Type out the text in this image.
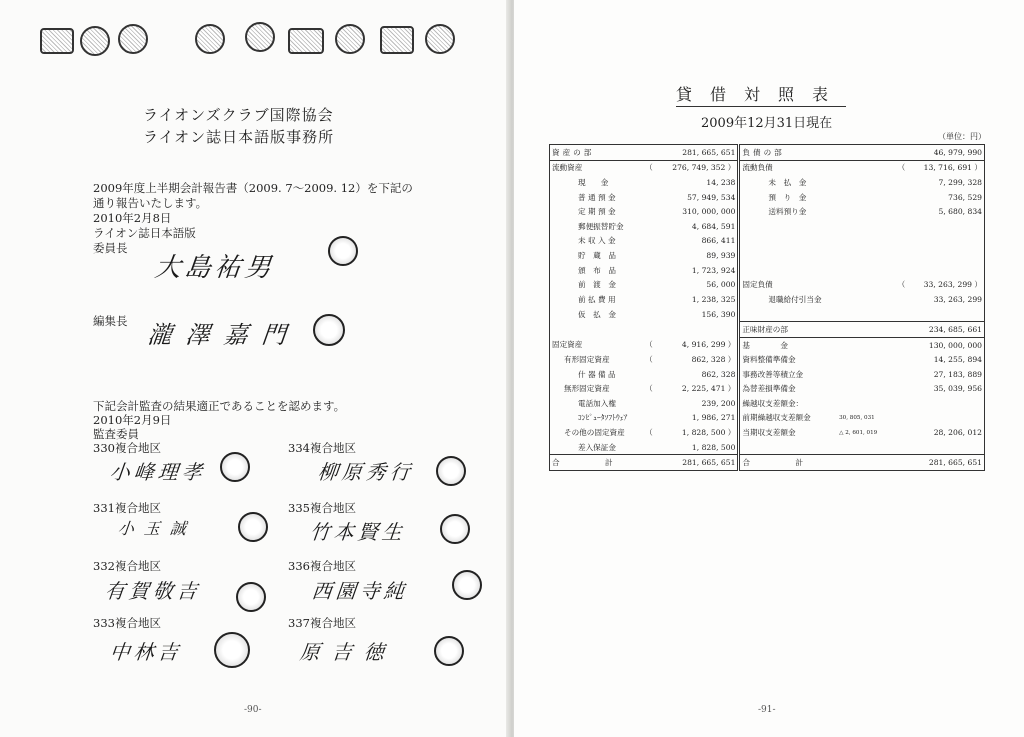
ライオンズクラブ国際協会
ライオン誌日本語版事務所
2009年度上半期会計報告書（2009. 7〜2009. 12）を下記の
通り報告いたします。
2010年2月8日
ライオン誌日本語版
委員長
大島祐男
編集長 瀧澤嘉門
下記会計監査の結果適正であることを認めます。
2010年2月9日
監査委員
330複合地区
小峰理孝
334複合地区
柳原秀行
331複合地区
小玉誠
335複合地区
竹本賢生
332複合地区
有賀敬吉
336複合地区
西園寺純
333複合地区
中林吉
337複合地区
原吉徳
-90-
貸借対照表
2009年12月31日現在
（単位：円）
資産の部		281, 665, 651	負債の部			46, 979, 990
流動資産	（	276, 749, 352 ）	流動負債		（	13, 716, 691 ）
現　　金		14, 238	未　払　金			7, 299, 328
普 通 預 金		57, 949, 534	預　り　金			736, 529
定 期 預 金		310, 000, 000	送料預り金			5, 680, 834
郵便振替貯金		4, 684, 591				
未 収 入 金		866, 411				
貯　蔵　品		89, 939				
頒　布　品		1, 723, 924				
前　渡　金		56, 000	固定負債		（	33, 263, 299 ）
前 払 費 用		1, 238, 325	退職給付引当金			33, 263, 299
仮　払　金		156, 390				
			正味財産の部			234, 685, 661
固定資産	（	4, 916, 299 ）	基　　　　金			130, 000, 000
有形固定資産	（	862, 328 ）	資料整備準備金			14, 255, 894
什 器 備 品		862, 328	事務改善等積立金			27, 183, 889
無形固定資産	（	2, 225, 471 ）	為替差損準備金			35, 039, 956
電話加入権		239, 200	繰越収支差額金：			
ｺﾝﾋﾟｭｰﾀｿﾌﾄｳｪｱ		1, 986, 271	前期繰越収支差額金	30, 805, 031		
その他の固定資産	（	1, 828, 500 ）	当期収支差額金	△ 2, 601, 019		28, 206, 012
差入保証金		1, 828, 500				
合　　　　計		281, 665, 651	合　　　　計			281, 665, 651
-91-
